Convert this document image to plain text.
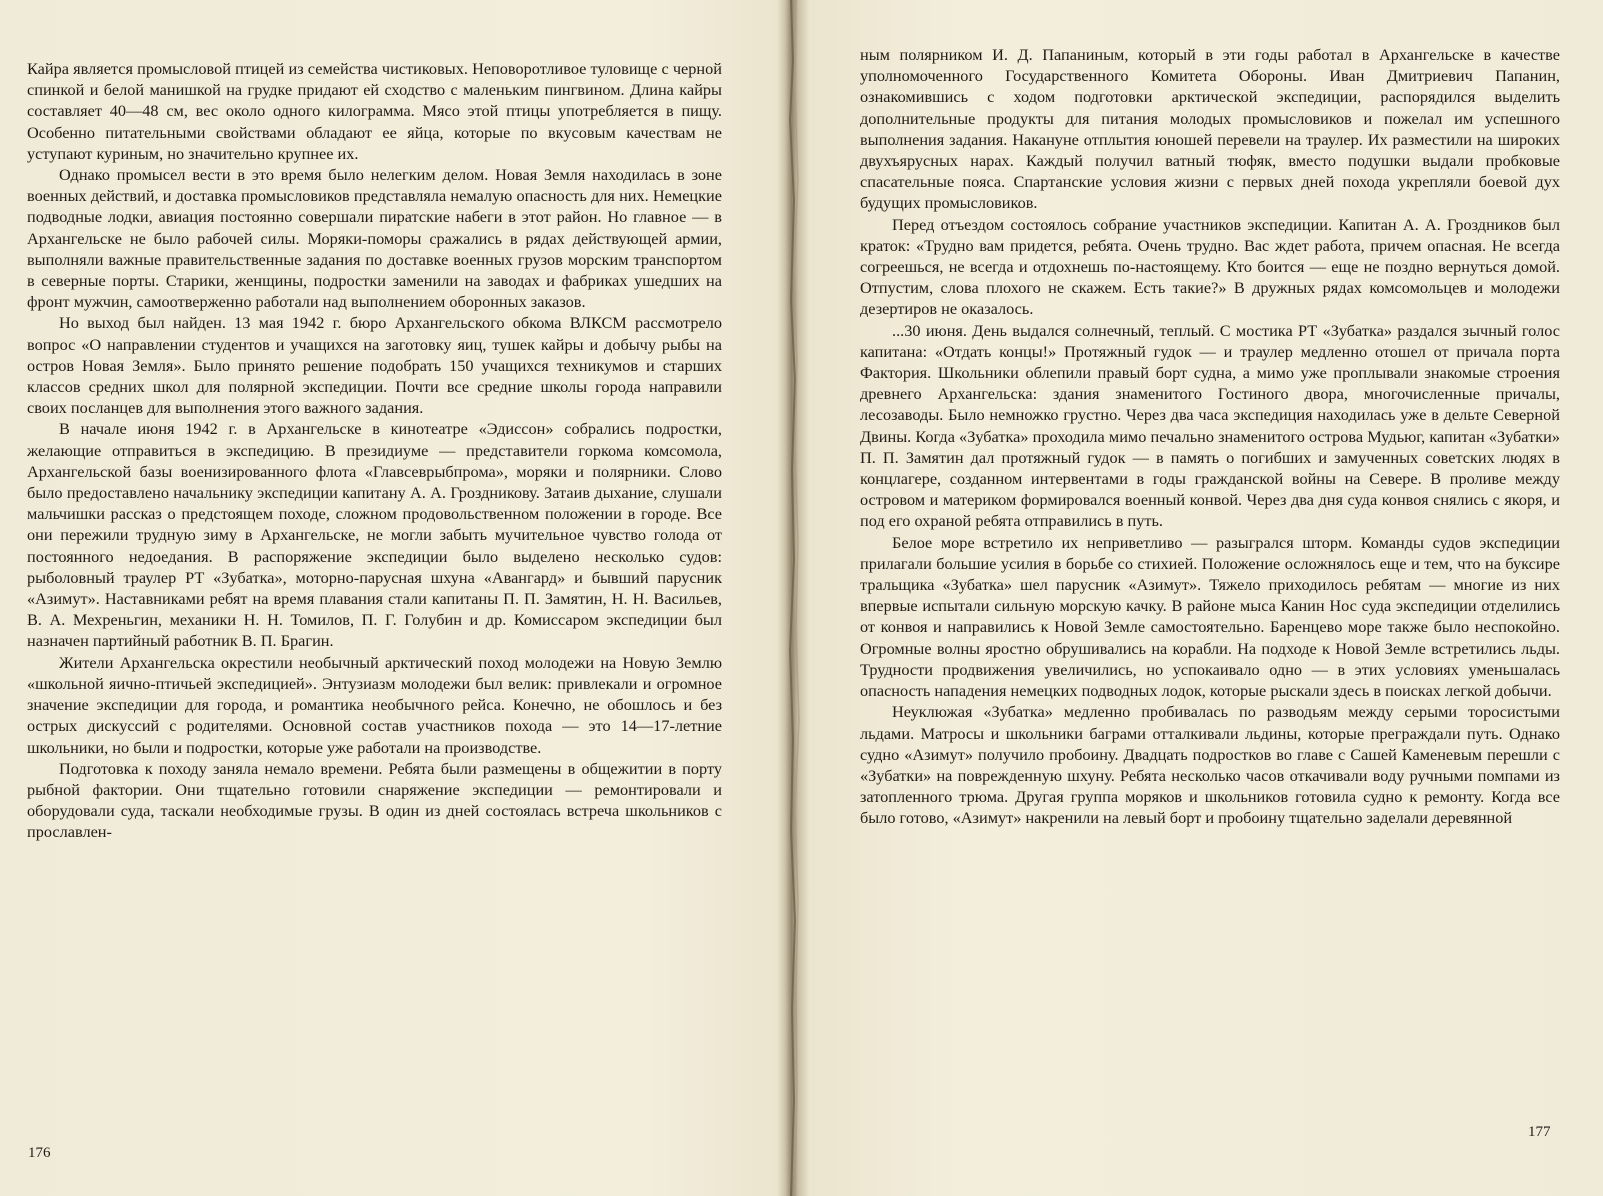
Кайра является промысловой птицей из семейства чистиковых. Неповоротливое туловище с черной спинкой и белой манишкой на грудке придают ей сходство с маленьким пингвином. Длина кайры составляет 40—48 см, вес около одного килограмма. Мясо этой птицы употребляется в пищу. Особенно питательными свойствами обладают ее яйца, которые по вкусовым качествам не уступают куриным, но значительно крупнее их.

Однако промысел вести в это время было нелегким делом. Новая Земля находилась в зоне военных действий, и доставка промысловиков представляла немалую опасность для них. Немецкие подводные лодки, авиация постоянно совершали пиратские набеги в этот район. Но главное — в Архангельске не было рабочей силы. Моряки-поморы сражались в рядах действующей армии, выполняли важные правительственные задания по доставке военных грузов морским транспортом в северные порты. Старики, женщины, подростки заменили на заводах и фабриках ушедших на фронт мужчин, самоотверженно работали над выполнением оборонных заказов.

Но выход был найден. 13 мая 1942 г. бюро Архангельского обкома ВЛКСМ рассмотрело вопрос «О направлении студентов и учащихся на заготовку яиц, тушек кайры и добычу рыбы на остров Новая Земля». Было принято решение подобрать 150 учащихся техникумов и старших классов средних школ для полярной экспедиции. Почти все средние школы города направили своих посланцев для выполнения этого важного задания.

В начале июня 1942 г. в Архангельске в кинотеатре «Эдиссон» собрались подростки, желающие отправиться в экспедицию. В президиуме — представители горкома комсомола, Архангельской базы военизированного флота «Главсеврыбпрома», моряки и полярники. Слово было предоставлено начальнику экспедиции капитану А. А. Гроздникову. Затаив дыхание, слушали мальчишки рассказ о предстоящем походе, сложном продовольственном положении в городе. Все они пережили трудную зиму в Архангельске, не могли забыть мучительное чувство голода от постоянного недоедания. В распоряжение экспедиции было выделено несколько судов: рыболовный траулер РТ «Зубатка», моторно-парусная шхуна «Авангард» и бывший парусник «Азимут». Наставниками ребят на время плавания стали капитаны П. П. Замятин, Н. Н. Васильев, В. А. Мехреньгин, механики Н. Н. Томилов, П. Г. Голубин и др. Комиссаром экспедиции был назначен партийный работник В. П. Брагин.

Жители Архангельска окрестили необычный арктический поход молодежи на Новую Землю «школьной яично-птичьей экспедицией». Энтузиазм молодежи был велик: привлекали и огромное значение экспедиции для города, и романтика необычного рейса. Конечно, не обошлось и без острых дискуссий с родителями. Основной состав участников похода — это 14—17-летние школьники, но были и подростки, которые уже работали на производстве.

Подготовка к походу заняла немало времени. Ребята были размещены в общежитии в порту рыбной фактории. Они тщательно готовили снаряжение экспедиции — ремонтировали и оборудовали суда, таскали необходимые грузы. В один из дней состоялась встреча школьников с прославлен-

176

ным полярником И. Д. Папаниным, который в эти годы работал в Архангельске в качестве уполномоченного Государственного Комитета Обороны. Иван Дмитриевич Папанин, ознакомившись с ходом подготовки арктической экспедиции, распорядился выделить дополнительные продукты для питания молодых промысловиков и пожелал им успешного выполнения задания. Накануне отплытия юношей перевели на траулер. Их разместили на широких двухъярусных нарах. Каждый получил ватный тюфяк, вместо подушки выдали пробковые спасательные пояса. Спартанские условия жизни с первых дней похода укрепляли боевой дух будущих промысловиков.

Перед отъездом состоялось собрание участников экспедиции. Капитан А. А. Гроздников был краток: «Трудно вам придется, ребята. Очень трудно. Вас ждет работа, причем опасная. Не всегда согреешься, не всегда и отдохнешь по-настоящему. Кто боится — еще не поздно вернуться домой. Отпустим, слова плохого не скажем. Есть такие?» В дружных рядах комсомольцев и молодежи дезертиров не оказалось.

...30 июня. День выдался солнечный, теплый. С мостика РТ «Зубатка» раздался зычный голос капитана: «Отдать концы!» Протяжный гудок — и траулер медленно отошел от причала порта Фактория. Школьники облепили правый борт судна, а мимо уже проплывали знакомые строения древнего Архангельска: здания знаменитого Гостиного двора, многочисленные причалы, лесозаводы. Было немножко грустно. Через два часа экспедиция находилась уже в дельте Северной Двины. Когда «Зубатка» проходила мимо печально знаменитого острова Мудьюг, капитан «Зубатки» П. П. Замятин дал протяжный гудок — в память о погибших и замученных советских людях в концлагере, созданном интервентами в годы гражданской войны на Севере. В проливе между островом и материком формировался военный конвой. Через два дня суда конвоя снялись с якоря, и под его охраной ребята отправились в путь.

Белое море встретило их неприветливо — разыгрался шторм. Команды судов экспедиции прилагали большие усилия в борьбе со стихией. Положение осложнялось еще и тем, что на буксире тральщика «Зубатка» шел парусник «Азимут». Тяжело приходилось ребятам — многие из них впервые испытали сильную морскую качку. В районе мыса Канин Нос суда экспедиции отделились от конвоя и направились к Новой Земле самостоятельно. Баренцево море также было неспокойно. Огромные волны яростно обрушивались на корабли. На подходе к Новой Земле встретились льды. Трудности продвижения увеличились, но успокаивало одно — в этих условиях уменьшалась опасность нападения немецких подводных лодок, которые рыскали здесь в поисках легкой добычи.

Неуклюжая «Зубатка» медленно пробивалась по разводьям между серыми торосистыми льдами. Матросы и школьники баграми отталкивали льдины, которые преграждали путь. Однако судно «Азимут» получило пробоину. Двадцать подростков во главе с Сашей Каменевым перешли с «Зубатки» на поврежденную шхуну. Ребята несколько часов откачивали воду ручными помпами из затопленного трюма. Другая группа моряков и школьников готовила судно к ремонту. Когда все было готово, «Азимут» накренили на левый борт и пробоину тщательно заделали деревянной

177
